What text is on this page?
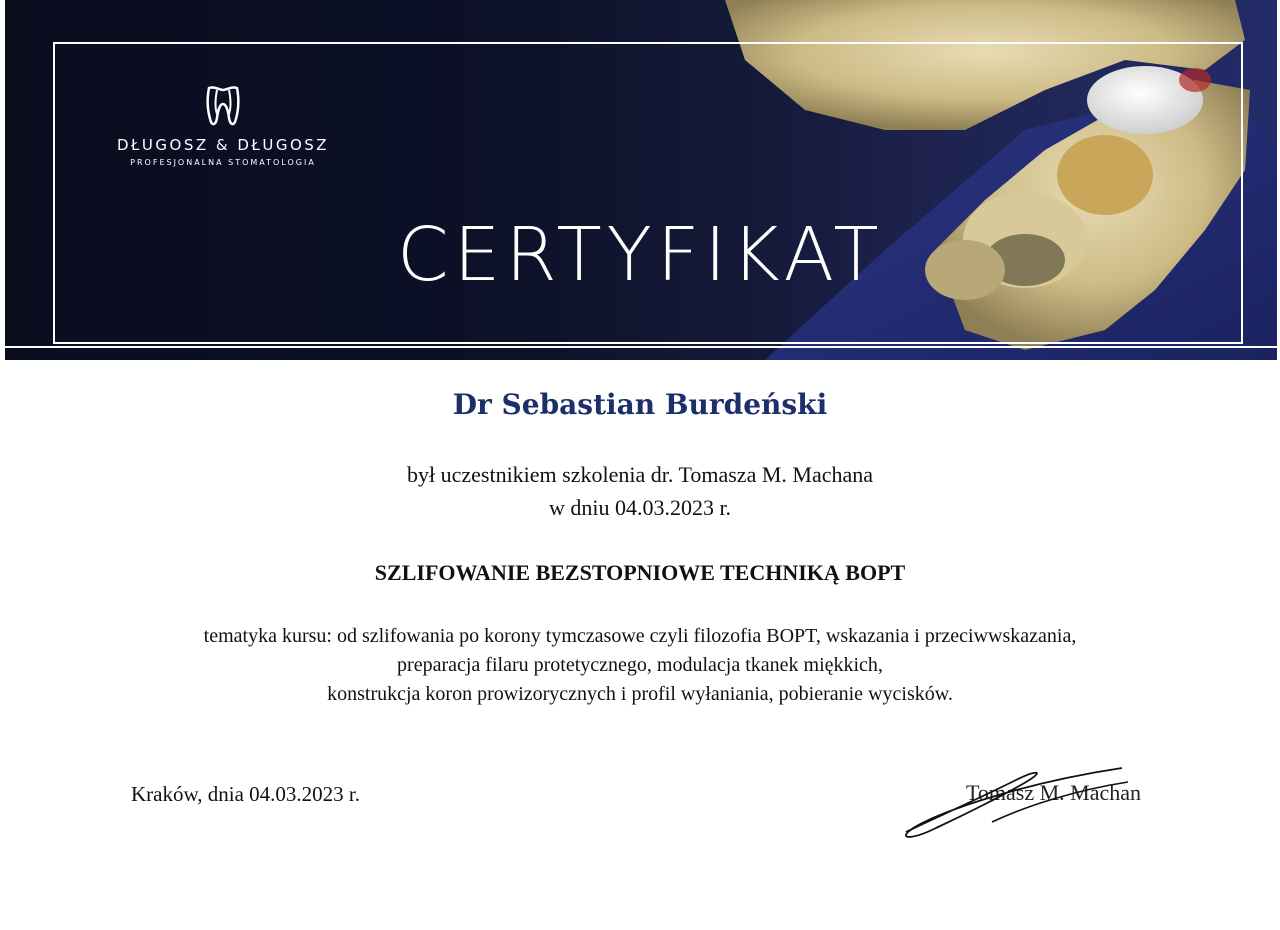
DŁUGOSZ & DŁUGOSZ
PROFESJONALNA STOMATOLOGIA
CERTYFIKAT
Dr Sebastian Burdeński
był uczestnikiem szkolenia dr. Tomasza M. Machana
w dniu 04.03.2023 r.
SZLIFOWANIE BEZSTOPNIOWE TECHNIKĄ BOPT
tematyka kursu: od szlifowania po korony tymczasowe czyli filozofia BOPT, wskazania i przeciwwskazania,
preparacja filaru protetycznego, modulacja tkanek miękkich,
konstrukcja koron prowizorycznych i profil wyłaniania, pobieranie wycisków.
Kraków, dnia 04.03.2023 r.	Tomasz M. Machan
